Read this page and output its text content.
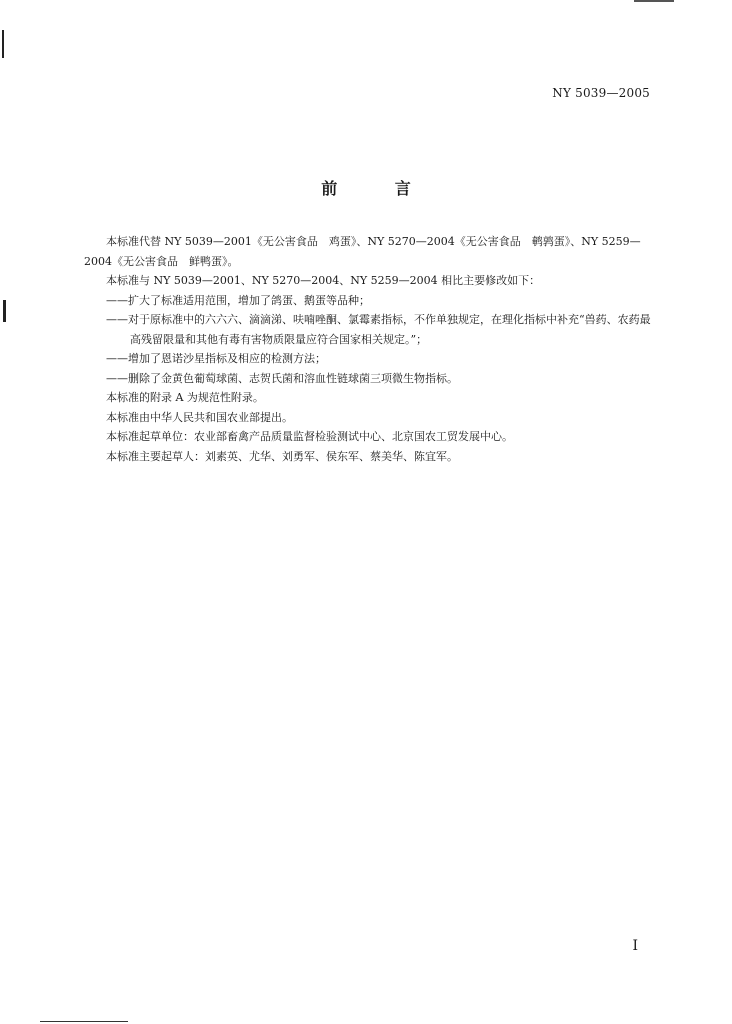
NY 5039—2005
前 言

本标准代替 NY 5039—2001《无公害食品　鸡蛋》、NY 5270—2004《无公害食品　鹌鹑蛋》、NY 5259—2004《无公害食品　鲜鸭蛋》。

本标准与 NY 5039—2001、NY 5270—2004、NY 5259—2004 相比主要修改如下：

——扩大了标准适用范围，增加了鸽蛋、鹅蛋等品种；

——对于原标准中的六六六、滴滴涕、呋喃唑酮、氯霉素指标，不作单独规定，在理化指标中补充“兽药、农药最高残留限量和其他有毒有害物质限量应符合国家相关规定。”；

——增加了恩诺沙星指标及相应的检测方法；

——删除了金黄色葡萄球菌、志贺氏菌和溶血性链球菌三项微生物指标。

本标准的附录 A 为规范性附录。

本标准由中华人民共和国农业部提出。

本标准起草单位：农业部畜禽产品质量监督检验测试中心、北京国农工贸发展中心。

本标准主要起草人：刘素英、尤华、刘勇军、侯东军、蔡美华、陈宜军。

I
